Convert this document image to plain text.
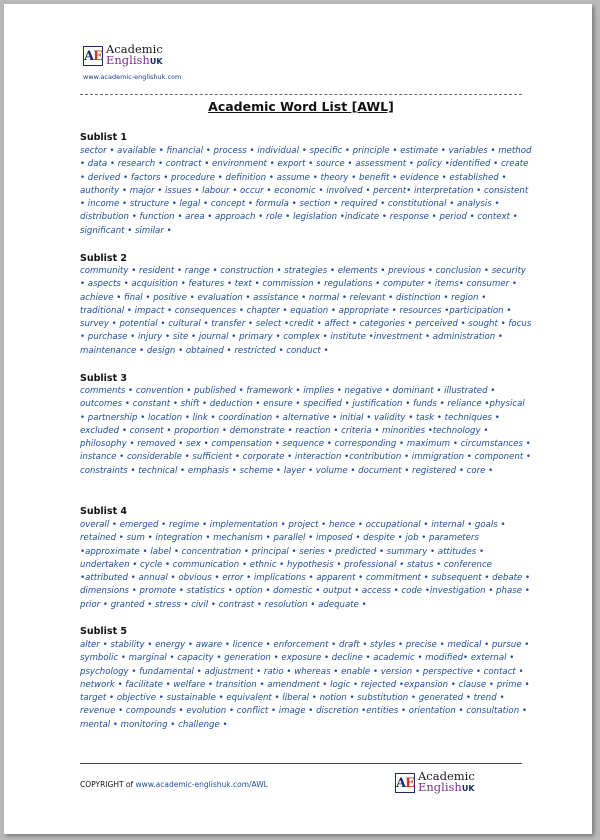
AE Academic
EnglishUK
www.academic-englishuk.com
Academic Word List [AWL]
Sublist 1
sector • available • financial • process • individual • specific • principle • estimate • variables • method • data • research • contract • environment • export • source • assessment • policy •identified • create • derived • factors • procedure • definition • assume • theory • benefit • evidence • established • authority • major • issues • labour • occur • economic • involved • percent• interpretation • consistent • income • structure • legal • concept • formula • section • required • constitutional • analysis • distribution • function • area • approach • role • legislation •indicate • response • period • context • significant • similar •
Sublist 2
community • resident • range • construction • strategies • elements • previous • conclusion • security • aspects • acquisition • features • text • commission • regulations • computer • items• consumer • achieve • final • positive • evaluation • assistance • normal • relevant • distinction • region • traditional • impact • consequences • chapter • equation • appropriate • resources •participation • survey • potential • cultural • transfer • select •credit • affect • categories • perceived • sought • focus • purchase • injury • site • journal • primary • complex • institute •investment • administration • maintenance • design • obtained • restricted • conduct •
Sublist 3
comments • convention • published • framework • implies • negative • dominant • illustrated • outcomes • constant • shift • deduction • ensure • specified • justification • funds • reliance •physical • partnership • location • link • coordination • alternative • initial • validity • task • techniques • excluded • consent • proportion • demonstrate • reaction • criteria • minorities •technology • philosophy • removed • sex • compensation • sequence • corresponding • maximum • circumstances • instance • considerable • sufficient • corporate • interaction •contribution • immigration • component • constraints • technical • emphasis • scheme • layer • volume • document • registered • core •
Sublist 4
overall • emerged • regime • implementation • project • hence • occupational • internal • goals • retained • sum • integration • mechanism • parallel • imposed • despite • job • parameters •approximate • label • concentration • principal • series • predicted • summary • attitudes • undertaken • cycle • communication • ethnic • hypothesis • professional • status • conference •attributed • annual • obvious • error • implications • apparent • commitment • subsequent • debate • dimensions • promote • statistics • option • domestic • output • access • code •investigation • phase • prior • granted • stress • civil • contrast • resolution • adequate •
Sublist 5
alter • stability • energy • aware • licence • enforcement • draft • styles • precise • medical • pursue • symbolic • marginal • capacity • generation • exposure • decline • academic • modified• external • psychology • fundamental • adjustment • ratio • whereas • enable • version • perspective • contact • network • facilitate • welfare • transition • amendment • logic • rejected •expansion • clause • prime • target • objective • sustainable • equivalent • liberal • notion • substitution • generated • trend • revenue • compounds • evolution • conflict • image • discretion •entities • orientation • consultation • mental • monitoring • challenge •
COPYRIGHT of www.academic-englishuk.com/AWL	AE Academic
EnglishUK
